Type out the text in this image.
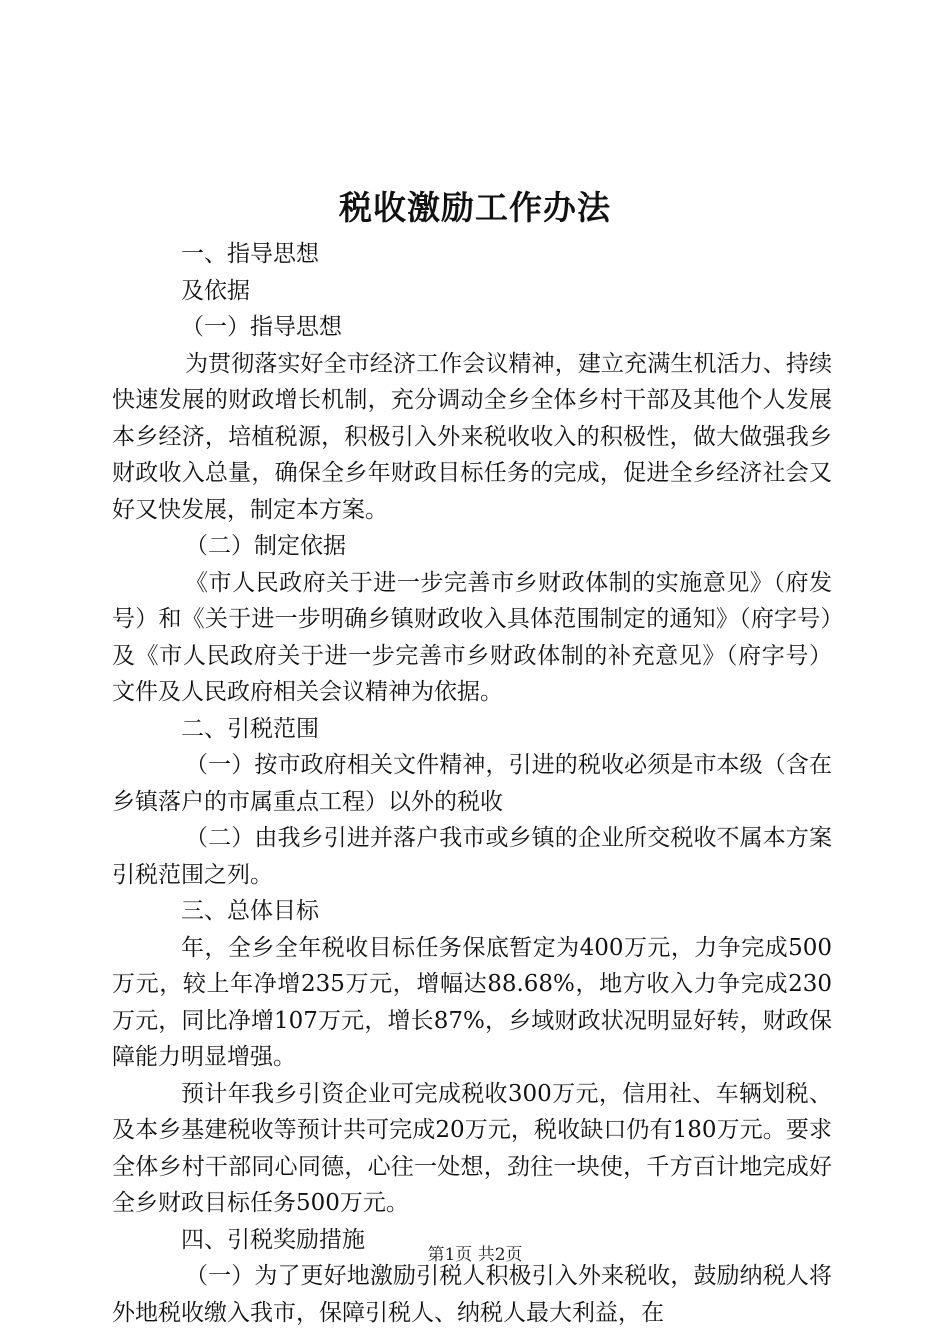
税收激励工作办法

一、指导思想

及依据

（一）指导思想

为贯彻落实好全市经济工作会议精神，建立充满生机活力、持续快速发展的财政增长机制，充分调动全乡全体乡村干部及其他个人发展本乡经济，培植税源，积极引入外来税收收入的积极性，做大做强我乡财政收入总量，确保全乡年财政目标任务的完成，促进全乡经济社会又好又快发展，制定本方案。

（二）制定依据

《市人民政府关于进一步完善市乡财政体制的实施意见》（府发号）和《关于进一步明确乡镇财政收入具体范围制定的通知》（府字号）及《市人民政府关于进一步完善市乡财政体制的补充意见》（府字号）文件及人民政府相关会议精神为依据。

二、引税范围

（一）按市政府相关文件精神，引进的税收必须是市本级（含在乡镇落户的市属重点工程）以外的税收

（二）由我乡引进并落户我市或乡镇的企业所交税收不属本方案引税范围之列。

三、总体目标

年，全乡全年税收目标任务保底暂定为400万元，力争完成500万元，较上年净增235万元，增幅达88.68%，地方收入力争完成230万元，同比净增107万元，增长87%，乡域财政状况明显好转，财政保障能力明显增强。

预计年我乡引资企业可完成税收300万元，信用社、车辆划税、及本乡基建税收等预计共可完成20万元，税收缺口仍有180万元。要求全体乡村干部同心同德，心往一处想，劲往一块使，千方百计地完成好全乡财政目标任务500万元。

四、引税奖励措施

（一）为了更好地激励引税人积极引入外来税收，鼓励纳税人将外地税收缴入我市，保障引税人、纳税人最大利益，在

第1页 共2页
